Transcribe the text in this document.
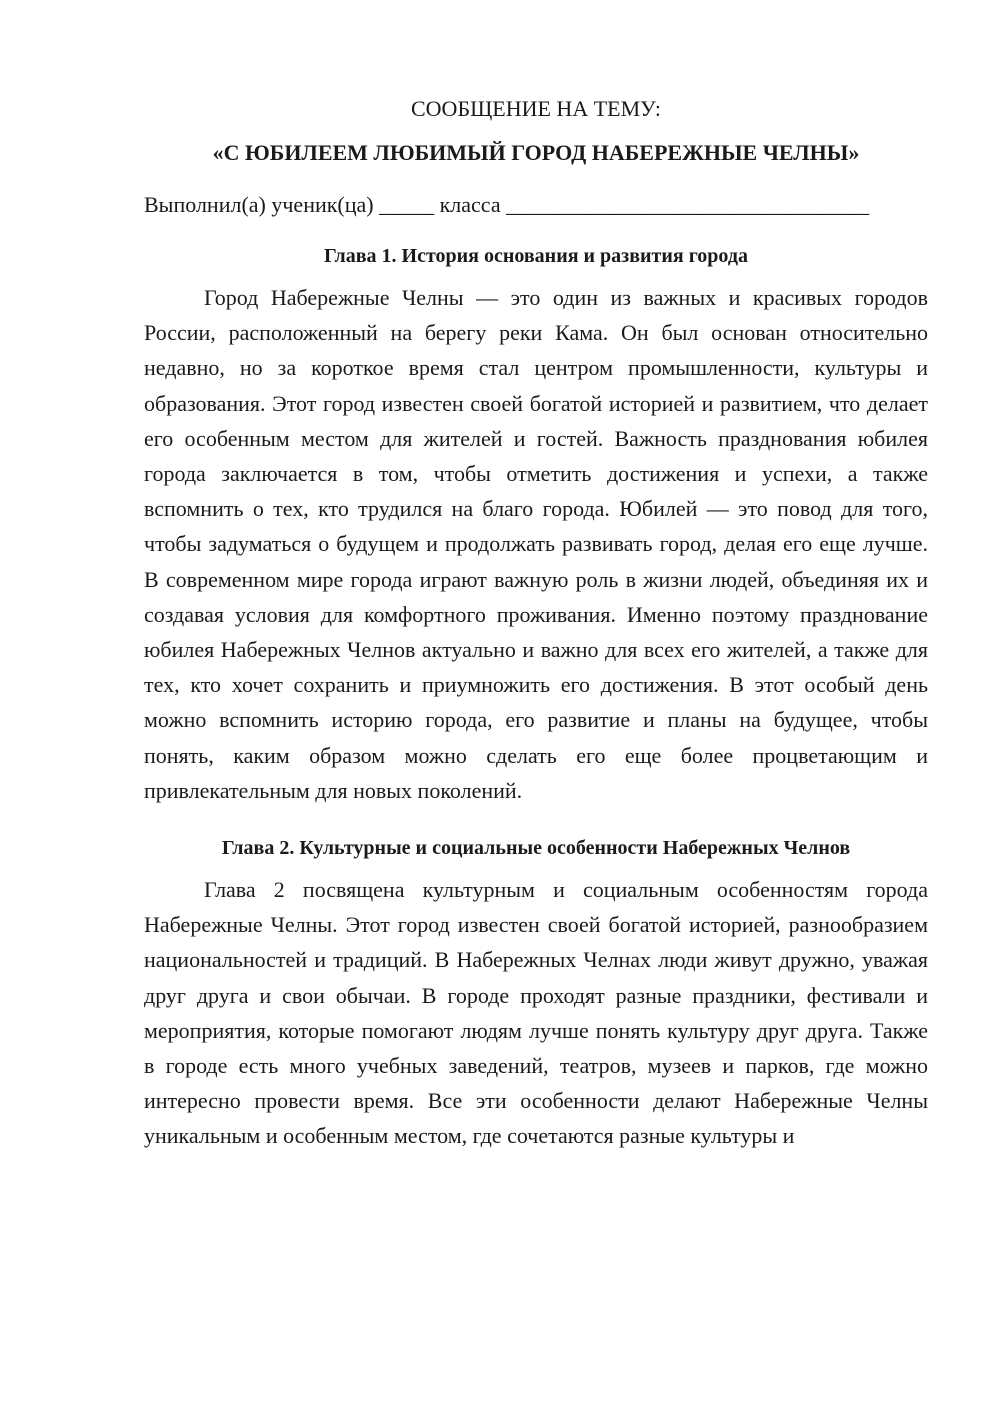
СООБЩЕНИЕ НА ТЕМУ:
«С ЮБИЛЕЕМ ЛЮБИМЫЙ ГОРОД НАБЕРЕЖНЫЕ ЧЕЛНЫ»

Выполнил(а) ученик(ца) _____ класса _________________________________

Глава 1. История основания и развития города

Город Набережные Челны — это один из важных и красивых городов России, расположенный на берегу реки Кама. Он был основан относительно недавно, но за короткое время стал центром промышленности, культуры и образования. Этот город известен своей богатой историей и развитием, что делает его особенным местом для жителей и гостей. Важность празднования юбилея города заключается в том, чтобы отметить достижения и успехи, а также вспомнить о тех, кто трудился на благо города. Юбилей — это повод для того, чтобы задуматься о будущем и продолжать развивать город, делая его еще лучше. В современном мире города играют важную роль в жизни людей, объединяя их и создавая условия для комфортного проживания. Именно поэтому празднование юбилея Набережных Челнов актуально и важно для всех его жителей, а также для тех, кто хочет сохранить и приумножить его достижения. В этот особый день можно вспомнить историю города, его развитие и планы на будущее, чтобы понять, каким образом можно сделать его еще более процветающим и привлекательным для новых поколений.

Глава 2. Культурные и социальные особенности Набережных Челнов

Глава 2 посвящена культурным и социальным особенностям города Набережные Челны. Этот город известен своей богатой историей, разнообразием национальностей и традиций. В Набережных Челнах люди живут дружно, уважая друг друга и свои обычаи. В городе проходят разные праздники, фестивали и мероприятия, которые помогают людям лучше понять культуру друг друга. Также в городе есть много учебных заведений, театров, музеев и парков, где можно интересно провести время. Все эти особенности делают Набережные Челны уникальным и особенным местом, где сочетаются разные культуры и
